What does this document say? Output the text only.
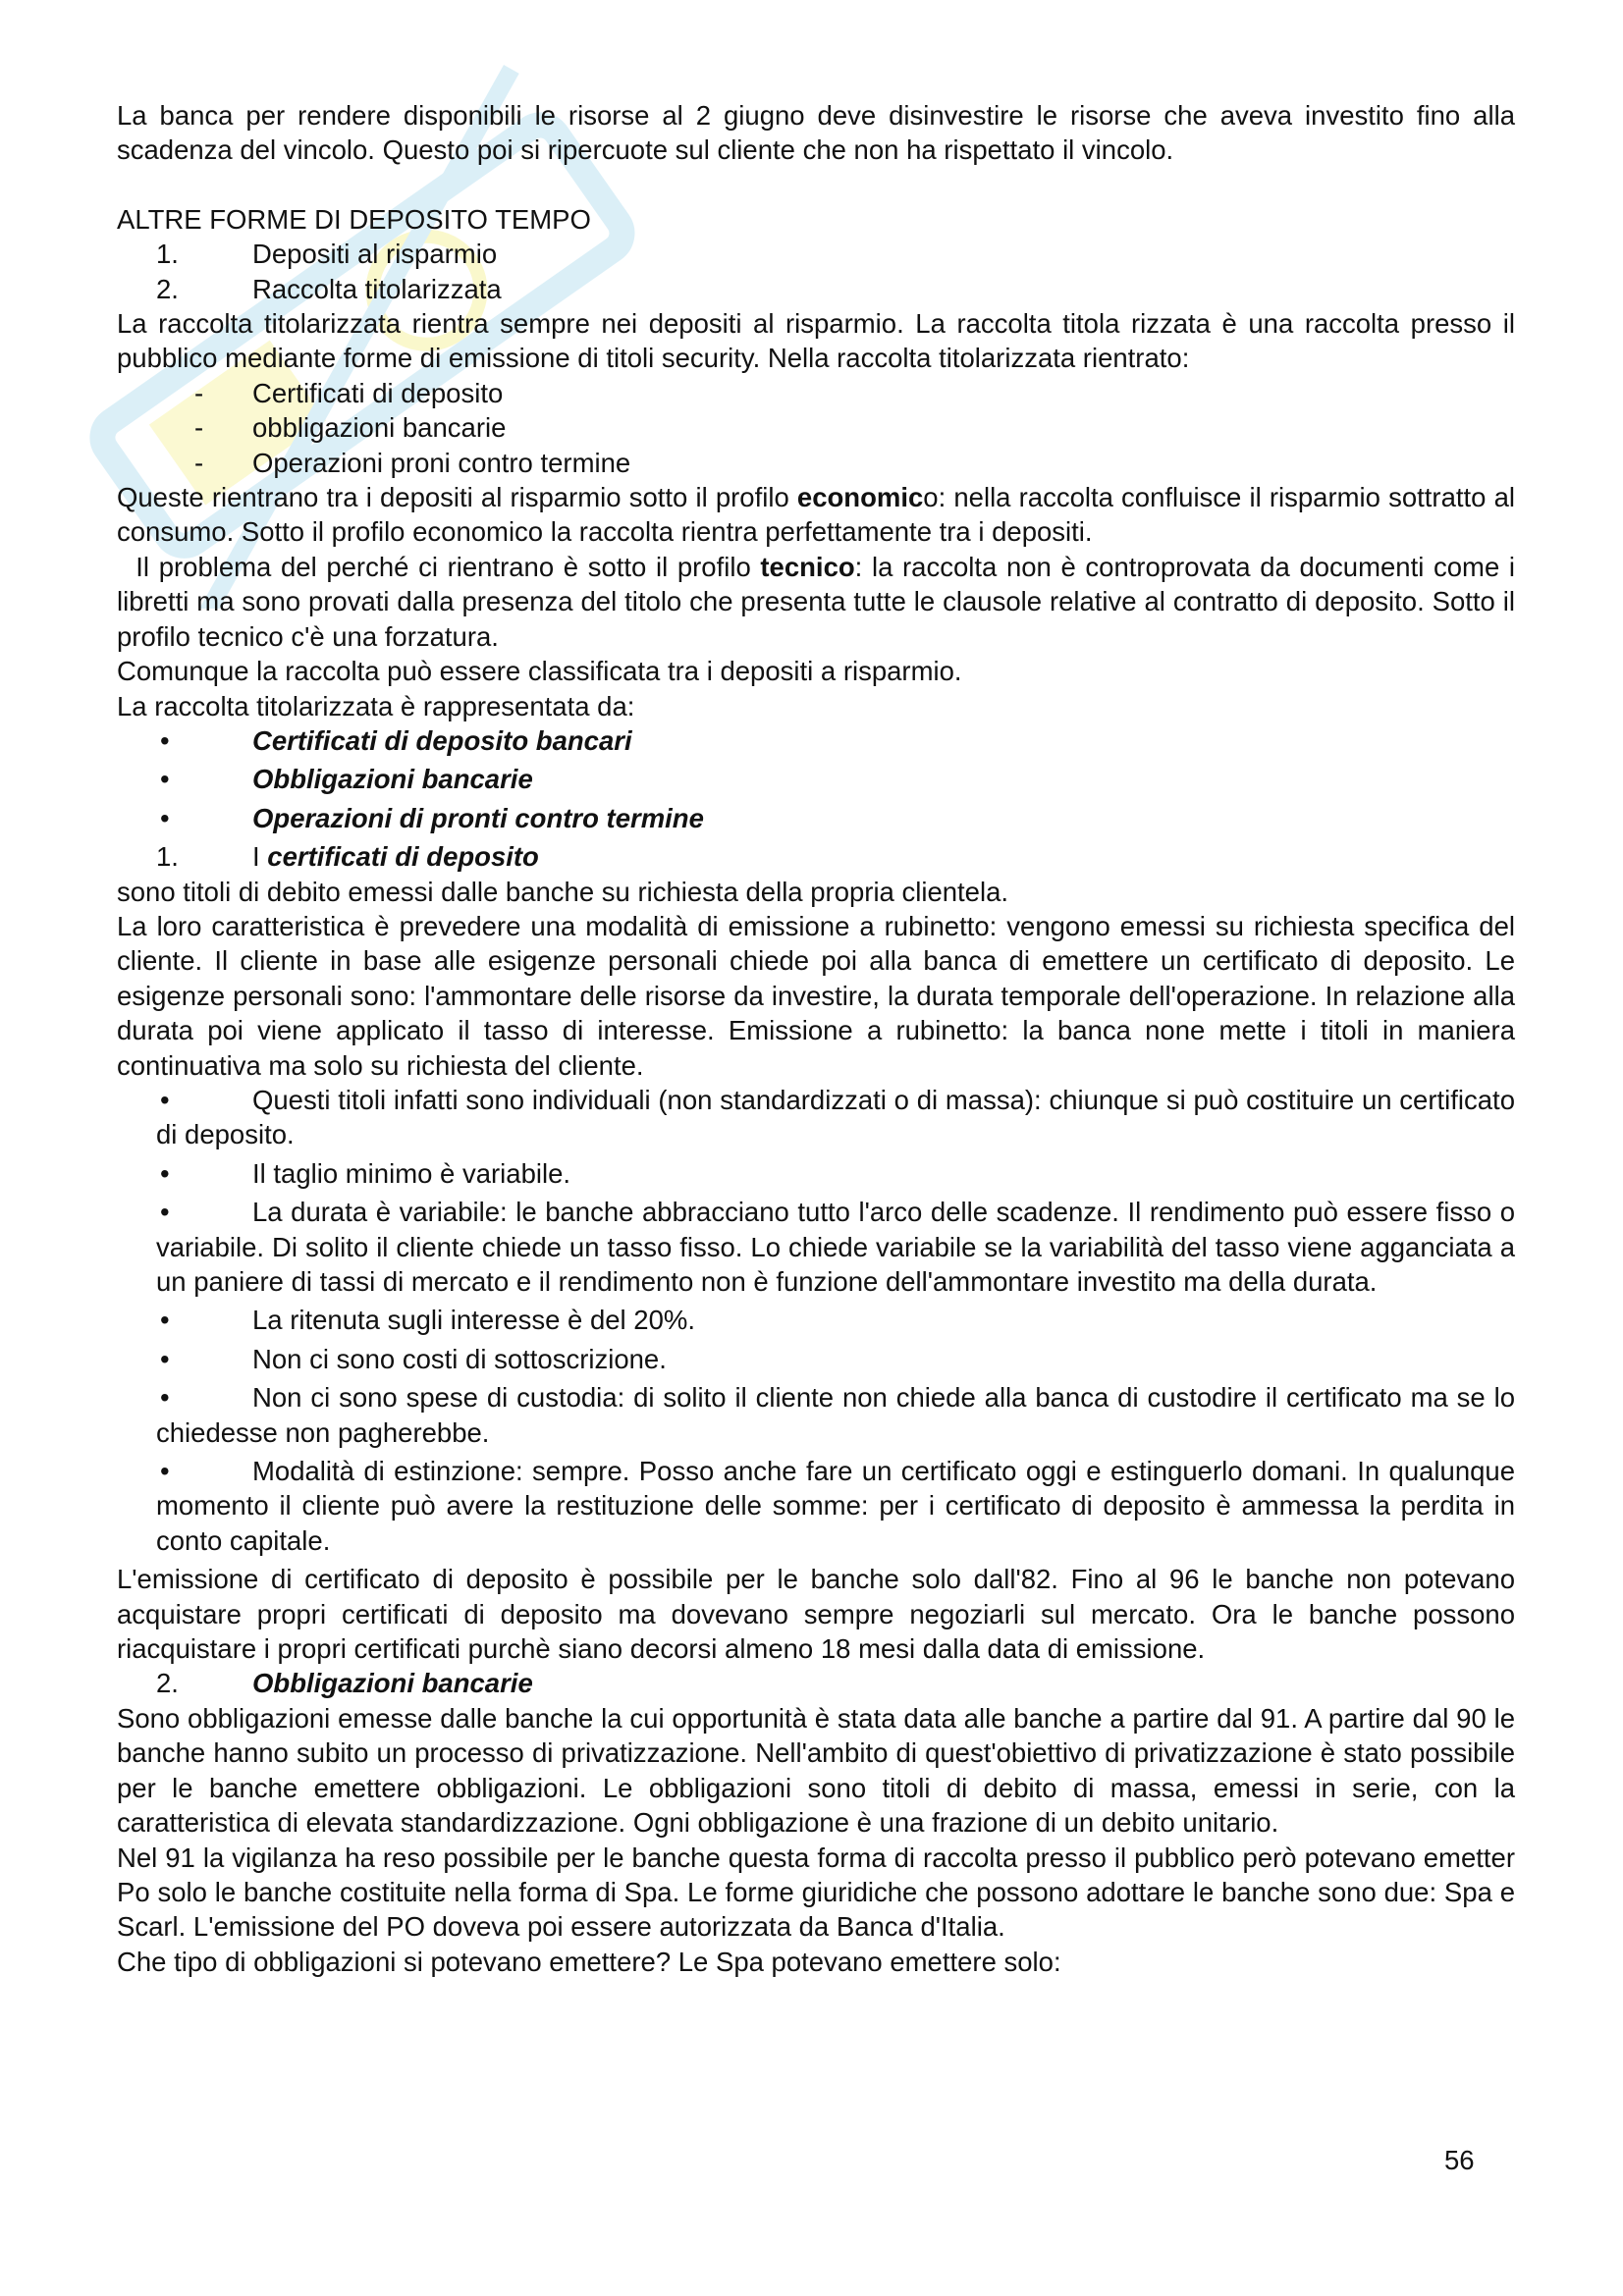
La banca per rendere disponibili le risorse al 2 giugno deve disinvestire le risorse che aveva investito fino alla scadenza del vincolo. Questo poi si ripercuote sul cliente che non ha rispettato il vincolo.

ALTRE FORME DI DEPOSITO TEMPO

1.	Depositi al risparmio
2.	Raccolta titolarizzata

La raccolta titolarizzata rientra sempre nei depositi al risparmio. La raccolta titola rizzata è una raccolta presso il pubblico mediante forme di emissione di titoli security. Nella raccolta titolarizzata rientrato:

-	Certificati di deposito
-	obbligazioni bancarie
-	Operazioni proni contro termine

Queste rientrano tra i depositi al risparmio sotto il profilo economico: nella raccolta confluisce il risparmio sottratto al consumo. Sotto il profilo economico la raccolta rientra perfettamente tra i depositi.

Il problema del perché ci rientrano è sotto il profilo tecnico: la raccolta non è controprovata da documenti come i libretti ma sono provati dalla presenza del titolo che presenta tutte le clausole relative al contratto di deposito. Sotto il profilo tecnico c'è una forzatura.

Comunque la raccolta può essere classificata tra i depositi a risparmio.

La raccolta titolarizzata è rappresentata da:

•	Certificati di deposito bancari
•	Obbligazioni bancarie
•	Operazioni di pronti contro termine
1.	I certificati di deposito

sono titoli di debito emessi dalle banche su richiesta della propria clientela.

La loro caratteristica è prevedere una modalità di emissione a rubinetto: vengono emessi su richiesta specifica del cliente. Il cliente in base alle esigenze personali chiede poi alla banca di emettere un certificato di deposito. Le esigenze personali sono: l'ammontare delle risorse da investire, la durata temporale dell'operazione. In relazione alla durata poi viene applicato il tasso di interesse. Emissione a rubinetto: la banca none mette i titoli in maniera continuativa ma solo su richiesta del cliente.

•	Questi titoli infatti sono individuali (non standardizzati o di massa): chiunque si può costituire un certificato di deposito.

•	Il taglio minimo è variabile.

•	La durata è variabile: le banche abbracciano tutto l'arco delle scadenze. Il rendimento può essere fisso o variabile. Di solito il cliente chiede un tasso fisso. Lo chiede variabile se la variabilità del tasso viene agganciata a un paniere di tassi di mercato e il rendimento non è funzione dell'ammontare investito ma della durata.

•	La ritenuta sugli interesse è del 20%.

•	Non ci sono costi di sottoscrizione.

•	Non ci sono spese di custodia: di solito il cliente non chiede alla banca di custodire il certificato ma se lo chiedesse non pagherebbe.

•	Modalità di estinzione: sempre. Posso anche fare un certificato oggi e estinguerlo domani. In qualunque momento il cliente può avere la restituzione delle somme: per i certificato di deposito è ammessa la perdita in conto capitale.

L'emissione di certificato di deposito è possibile per le banche solo dall'82. Fino al 96 le banche non potevano acquistare propri certificati di deposito ma dovevano sempre negoziarli sul mercato. Ora le banche possono riacquistare i propri certificati purchè siano decorsi almeno 18 mesi dalla data di emissione.

2.	Obbligazioni bancarie

Sono obbligazioni emesse dalle banche la cui opportunità è stata data alle banche a partire dal 91. A partire dal 90 le banche hanno subito un processo di privatizzazione. Nell'ambito di quest'obiettivo di privatizzazione è stato possibile per le banche emettere obbligazioni. Le obbligazioni sono titoli di debito di massa, emessi in serie, con la caratteristica di elevata standardizzazione. Ogni obbligazione è una frazione di un debito unitario.

Nel 91 la vigilanza ha reso possibile per le banche questa forma di raccolta presso il pubblico però potevano emetter Po solo le banche costituite nella forma di Spa. Le forme giuridiche che possono adottare le banche sono due: Spa e Scarl. L'emissione del PO doveva poi essere autorizzata da Banca d'Italia.

Che tipo di obbligazioni si potevano emettere? Le Spa potevano emettere solo:

56
